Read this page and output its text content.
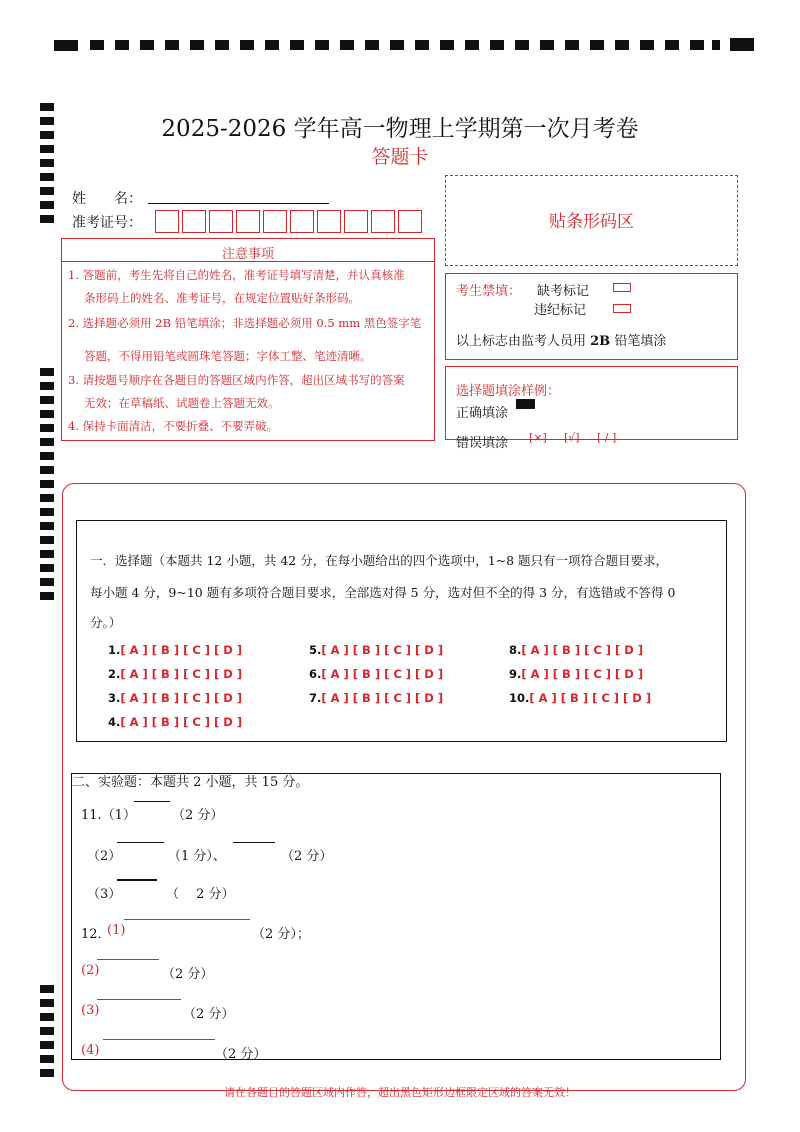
2025-2026 学年高一物理上学期第一次月考卷
答题卡
姓　　名：
准考证号：	贴条形码区
注意事项
1. 答题前，考生先将自己的姓名，准考证号填写清楚，并认真核准
条形码上的姓名、准考证号，在规定位置贴好条形码。
2. 选择题必须用 2B 铅笔填涂；非选择题必须用 0.5 mm 黑色签字笔
答题，不得用铅笔或圆珠笔答题；字体工整、笔迹清晰。
3. 请按题号顺序在各题目的答题区域内作答，超出区域书写的答案
无效；在草稿纸、试题卷上答题无效。
4. 保持卡面清洁，不要折叠、不要弄破。
考生禁填： 缺考标记
违纪标记
以上标志由监考人员用 2B 铅笔填涂
选择题填涂样例：
正确填涂
错误填涂 [×] [√] [ / ]
一．选择题（本题共 12 小题，共 42 分，在每小题给出的四个选项中，1~8 题只有一项符合题目要求，
每小题 4 分，9~10 题有多项符合题目要求，全部选对得 5 分，选对但不全的得 3 分，有选错或不答得 0
分。）
1.[ A ] [ B ] [ C ] [ D ]
2.[ A ] [ B ] [ C ] [ D ]
3.[ A ] [ B ] [ C ] [ D ]
4.[ A ] [ B ] [ C ] [ D ]
5.[ A ] [ B ] [ C ] [ D ]
6.[ A ] [ B ] [ C ] [ D ]
7.[ A ] [ B ] [ C ] [ D ]
8.[ A ] [ B ] [ C ] [ D ]
9.[ A ] [ B ] [ C ] [ D ]
10.[ A ] [ B ] [ C ] [ D ]
二、实验题：本题共 2 小题，共 15 分。
11.（1）	（2 分）
（2）	（1 分）、	（2 分）
（3）	（　 2 分）
12．
(1)	（2 分）；
(2)	（2 分）
(3)	（2 分）
(4)	（2 分）
请在各题目的答题区域内作答，超出黑色矩形边框限定区域的答案无效！
